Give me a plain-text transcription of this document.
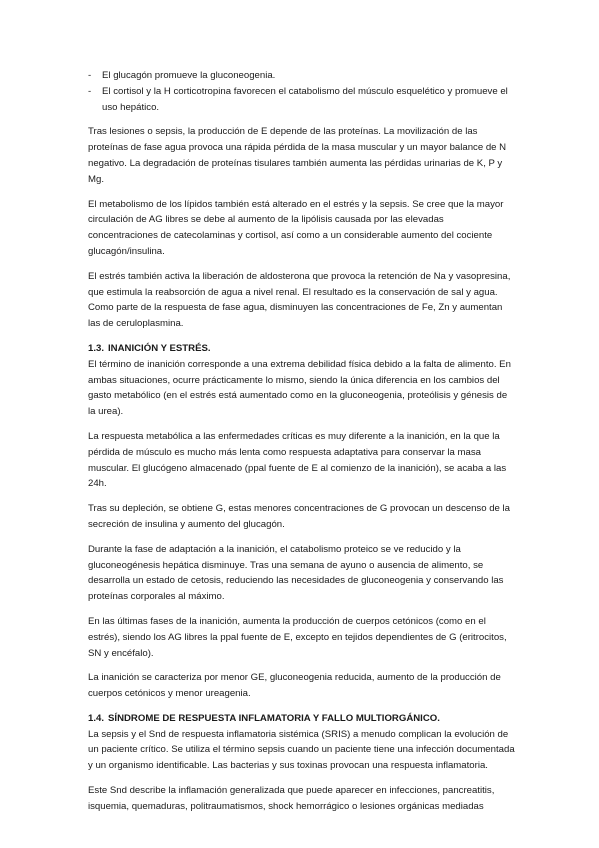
- El glucagón promueve la gluconeogenia.
- El cortisol y la H corticotropina favorecen el catabolismo del músculo esquelético y promueve el uso hepático.

Tras lesiones o sepsis, la producción de E depende de las proteínas. La movilización de las proteínas de fase agua provoca una rápida pérdida de la masa muscular y un mayor balance de N negativo. La degradación de proteínas tisulares también aumenta las pérdidas urinarias de K, P y Mg.

El metabolismo de los lípidos también está alterado en el estrés y la sepsis. Se cree que la mayor circulación de AG libres se debe al aumento de la lipólisis causada por las elevadas concentraciones de catecolaminas y cortisol, así como a un considerable aumento del cociente glucagón/insulina.

El estrés también activa la liberación de aldosterona que provoca la retención de Na y vasopresina, que estimula la reabsorción de agua a nivel renal. El resultado es la conservación de sal y agua. Como parte de la respuesta de fase agua, disminuyen las concentraciones de Fe, Zn y aumentan las de ceruloplasmina.

1.3. INANICIÓN Y ESTRÉS.

El término de inanición corresponde a una extrema debilidad física debido a la falta de alimento. En ambas situaciones, ocurre prácticamente lo mismo, siendo la única diferencia en los cambios del gasto metabólico (en el estrés está aumentado como en la gluconeogenia, proteólisis y génesis de la urea).

La respuesta metabólica a las enfermedades críticas es muy diferente a la inanición, en la que la pérdida de músculo es mucho más lenta como respuesta adaptativa para conservar la masa muscular. El glucógeno almacenado (ppal fuente de E al comienzo de la inanición), se acaba a las 24h.

Tras su depleción, se obtiene G, estas menores concentraciones de G provocan un descenso de la secreción de insulina y aumento del glucagón.

Durante la fase de adaptación a la inanición, el catabolismo proteico se ve reducido y la gluconeogénesis hepática disminuye. Tras una semana de ayuno o ausencia de alimento, se desarrolla un estado de cetosis, reduciendo las necesidades de gluconeogenia y conservando las proteínas corporales al máximo.

En las últimas fases de la inanición, aumenta la producción de cuerpos cetónicos (como en el estrés), siendo los AG libres la ppal fuente de E, excepto en tejidos dependientes de G (eritrocitos, SN y encéfalo).

La inanición se caracteriza por menor GE, gluconeogenia reducida, aumento de la producción de cuerpos cetónicos y menor ureagenia.

1.4. SÍNDROME DE RESPUESTA INFLAMATORIA Y FALLO MULTIORGÁNICO.

La sepsis y el Snd de respuesta inflamatoria sistémica (SRIS) a menudo complican la evolución de un paciente crítico. Se utiliza el término sepsis cuando un paciente tiene una infección documentada y un organismo identificable. Las bacterias y sus toxinas provocan una respuesta inflamatoria.

Este Snd describe la inflamación generalizada que puede aparecer en infecciones, pancreatitis, isquemia, quemaduras, politraumatismos, shock hemorrágico o lesiones orgánicas mediadas
